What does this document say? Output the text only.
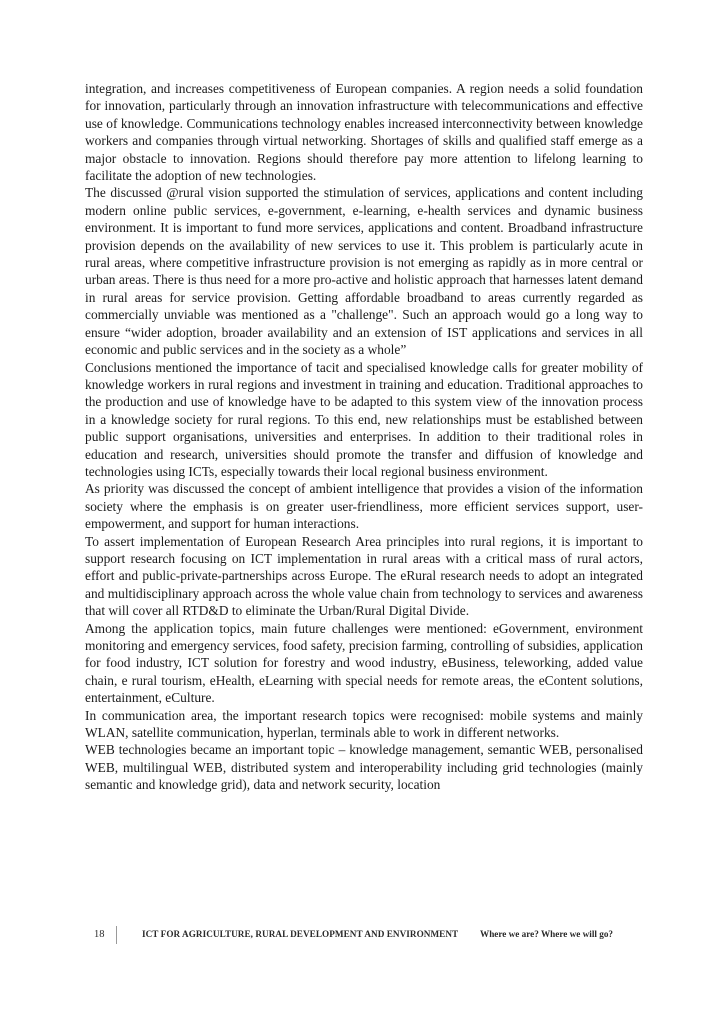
integration, and increases competitiveness of European companies. A region needs a solid foundation for innovation, particularly through an innovation infrastructure with telecommunications and effective use of knowledge. Communications technology enables increased interconnectivity between knowledge workers and companies through virtual networking. Shortages of skills and qualified staff emerge as a major obstacle to innovation. Regions should therefore pay more attention to lifelong learning to facilitate the adoption of new technologies.

The discussed @rural vision supported the stimulation of services, applications and content including modern online public services, e-government, e-learning, e-health services and dynamic business environment. It is important to fund more services, applications and content. Broadband infrastructure provision depends on the availability of new services to use it. This problem is particularly acute in rural areas, where competitive infrastructure provision is not emerging as rapidly as in more central or urban areas. There is thus need for a more pro-active and holistic approach that harnesses latent demand in rural areas for service provision. Getting affordable broadband to areas currently regarded as commercially unviable was mentioned as a "challenge". Such an approach would go a long way to ensure “wider adoption, broader availability and an extension of IST applications and services in all economic and public services and in the society as a whole”

Conclusions mentioned the importance of tacit and specialised knowledge calls for greater mobility of knowledge workers in rural regions and investment in training and education. Traditional approaches to the production and use of knowledge have to be adapted to this system view of the innovation process in a knowledge society for rural regions. To this end, new relationships must be established between public support organisations, universities and enterprises. In addition to their traditional roles in education and research, universities should promote the transfer and diffusion of knowledge and technologies using ICTs, especially towards their local regional business environment.

As priority was discussed the concept of ambient intelligence that provides a vision of the information society where the emphasis is on greater user-friendliness, more efficient services support, user-empowerment, and support for human interactions.

To assert implementation of European Research Area principles into rural regions, it is important to support research focusing on ICT implementation in rural areas with a critical mass of rural actors, effort and public-private-partnerships across Europe. The eRural research needs to adopt an integrated and multidisciplinary approach across the whole value chain from technology to services and awareness that will cover all RTD&D to eliminate the Urban/Rural Digital Divide.

Among the application topics, main future challenges were mentioned: eGovernment, environment monitoring and emergency services, food safety, precision farming, controlling of subsidies, application for food industry, ICT solution for forestry and wood industry, eBusiness, teleworking, added value chain, e rural tourism, eHealth, eLearning with special needs for remote areas, the eContent solutions, entertainment, eCulture.

In communication area, the important research topics were recognised: mobile systems and mainly WLAN, satellite communication, hyperlan, terminals able to work in different networks.

WEB technologies became an important topic – knowledge management, semantic WEB, personalised WEB, multilingual WEB, distributed system and interoperability including grid technologies (mainly semantic and knowledge grid), data and network security, location

18	ICT FOR AGRICULTURE, RURAL DEVELOPMENT AND ENVIRONMENT Where we are? Where we will go?
